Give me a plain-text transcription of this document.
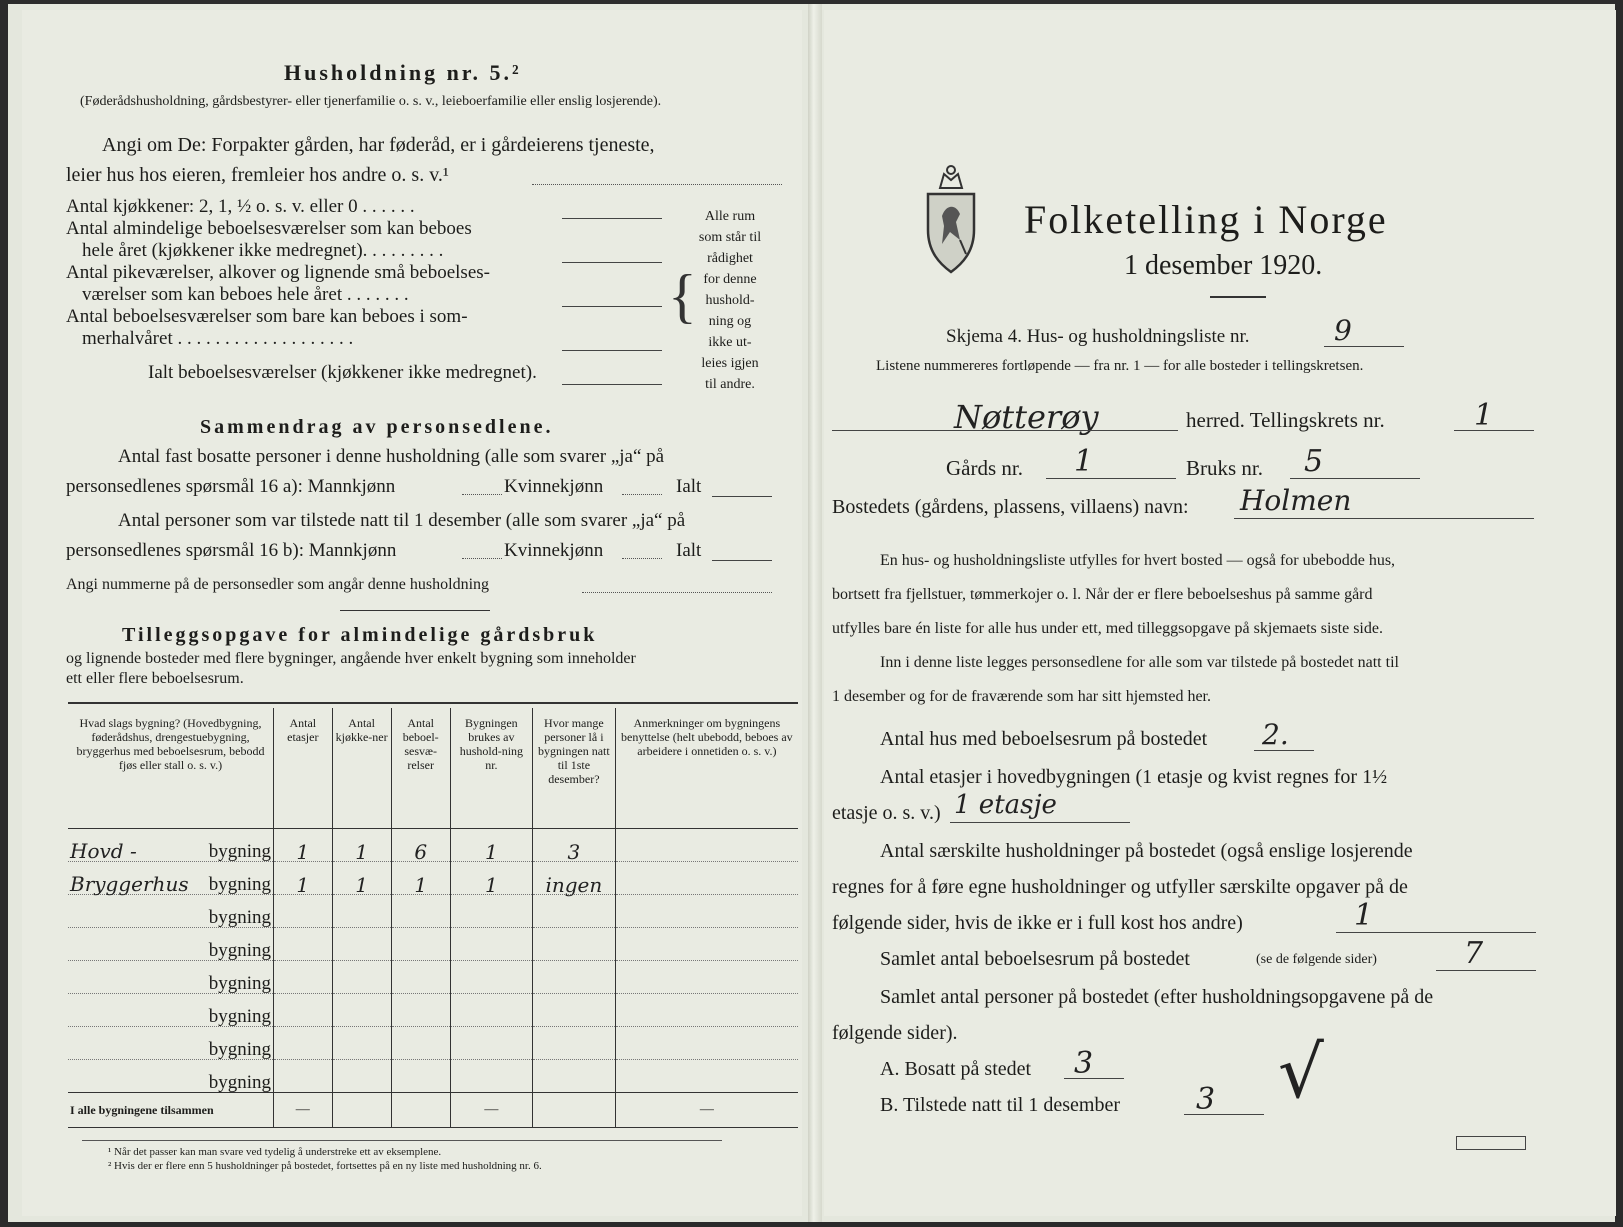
Husholdning nr. 5.²
(Føderådshusholdning, gårdsbestyrer- eller tjenerfamilie o. s. v., leieboerfamilie eller enslig losjerende).
Angi om De: Forpakter gården, har føderåd, er i gårdeierens tjeneste,
leier hus hos eieren, fremleier hos andre o. s. v.¹
Antal kjøkkener: 2, 1, ½ o. s. v. eller 0 . . . . . .
Antal almindelige beboelsesværelser som kan beboes
hele året (kjøkkener ikke medregnet). . . . . . . . .
Antal pikeværelser, alkover og lignende små beboelses-
værelser som kan beboes hele året . . . . . . .
Antal beboelsesværelser som bare kan beboes i som-
merhalvåret . . . . . . . . . . . . . . . . . . .
Ialt beboelsesværelser (kjøkkener ikke medregnet).
{
Alle rum
som står til
rådighet
for denne
hushold-
ning og
ikke ut-
leies igjen
til andre.
Sammendrag av personsedlene.
Antal fast bosatte personer i denne husholdning (alle som svarer „ja“ på
personsedlenes spørsmål 16 a): Mannkjønn	Kvinnekjønn	Ialt
Antal personer som var tilstede natt til 1 desember (alle som svarer „ja“ på
personsedlenes spørsmål 16 b): Mannkjønn	Kvinnekjønn	Ialt
Angi nummerne på de personsedler som angår denne husholdning
Tilleggsopgave for almindelige gårdsbruk
og lignende bosteder med flere bygninger, angående hver enkelt bygning som inneholder
ett eller flere beboelsesrum.
Hvad slags bygning? (Hovedbygning, føderådshus, drengestuebygning, bryggerhus med beboelsesrum, bebodd fjøs eller stall o. s. v.)	Antal etasjer	Antal kjøkke-ner	Antal beboel-sesvæ-relser	Bygningen brukes av hushold-ning nr.	Hvor mange personer lå i bygningen natt til 1ste desember?	Anmerkninger om bygningens benyttelse (helt ubebodd, beboes av arbeidere i onnetiden o. s. v.)

Hovd - bygning	1	1	6	1	3	

Bryggerhus bygning	1	1	1	1	ingen	

bygning						

bygning						

bygning						

bygning						

bygning						

bygning						
I alle bygningene tilsammen	—			—		—
¹ Når det passer kan man svare ved tydelig å understreke ett av eksemplene.
² Hvis der er flere enn 5 husholdninger på bostedet, fortsettes på en ny liste med husholdning nr. 6.
Folketelling i Norge
1 desember 1920.
Skjema 4. Hus- og husholdningsliste nr.	9
Listene nummereres fortløpende — fra nr. 1 — for alle bosteder i tellingskretsen.
Nøtterøy	herred. Tellingskrets nr.	1
Gårds nr. 1	Bruks nr. 5
Bostedets (gårdens, plassens, villaens) navn: Holmen
En hus- og husholdningsliste utfylles for hvert bosted — også for ubebodde hus,
bortsett fra fjellstuer, tømmerkojer o. l. Når der er flere beboelseshus på samme gård
utfylles bare én liste for alle hus under ett, med tilleggsopgave på skjemaets siste side.
Inn i denne liste legges personsedlene for alle som var tilstede på bostedet natt til
1 desember og for de fraværende som har sitt hjemsted her.
Antal hus med beboelsesrum på bostedet 2.
Antal etasjer i hovedbygningen (1 etasje og kvist regnes for 1½
etasje o. s. v.) 1 etasje
Antal særskilte husholdninger på bostedet (også enslige losjerende
regnes for å føre egne husholdninger og utfyller særskilte opgaver på de
følgende sider, hvis de ikke er i full kost hos andre)	1
Samlet antal beboelsesrum på bostedet	(se de følgende sider)	7
Samlet antal personer på bostedet (efter husholdningsopgavene på de
følgende sider).
A. Bosatt på stedet 3
B. Tilstede natt til 1 desember	3 √
